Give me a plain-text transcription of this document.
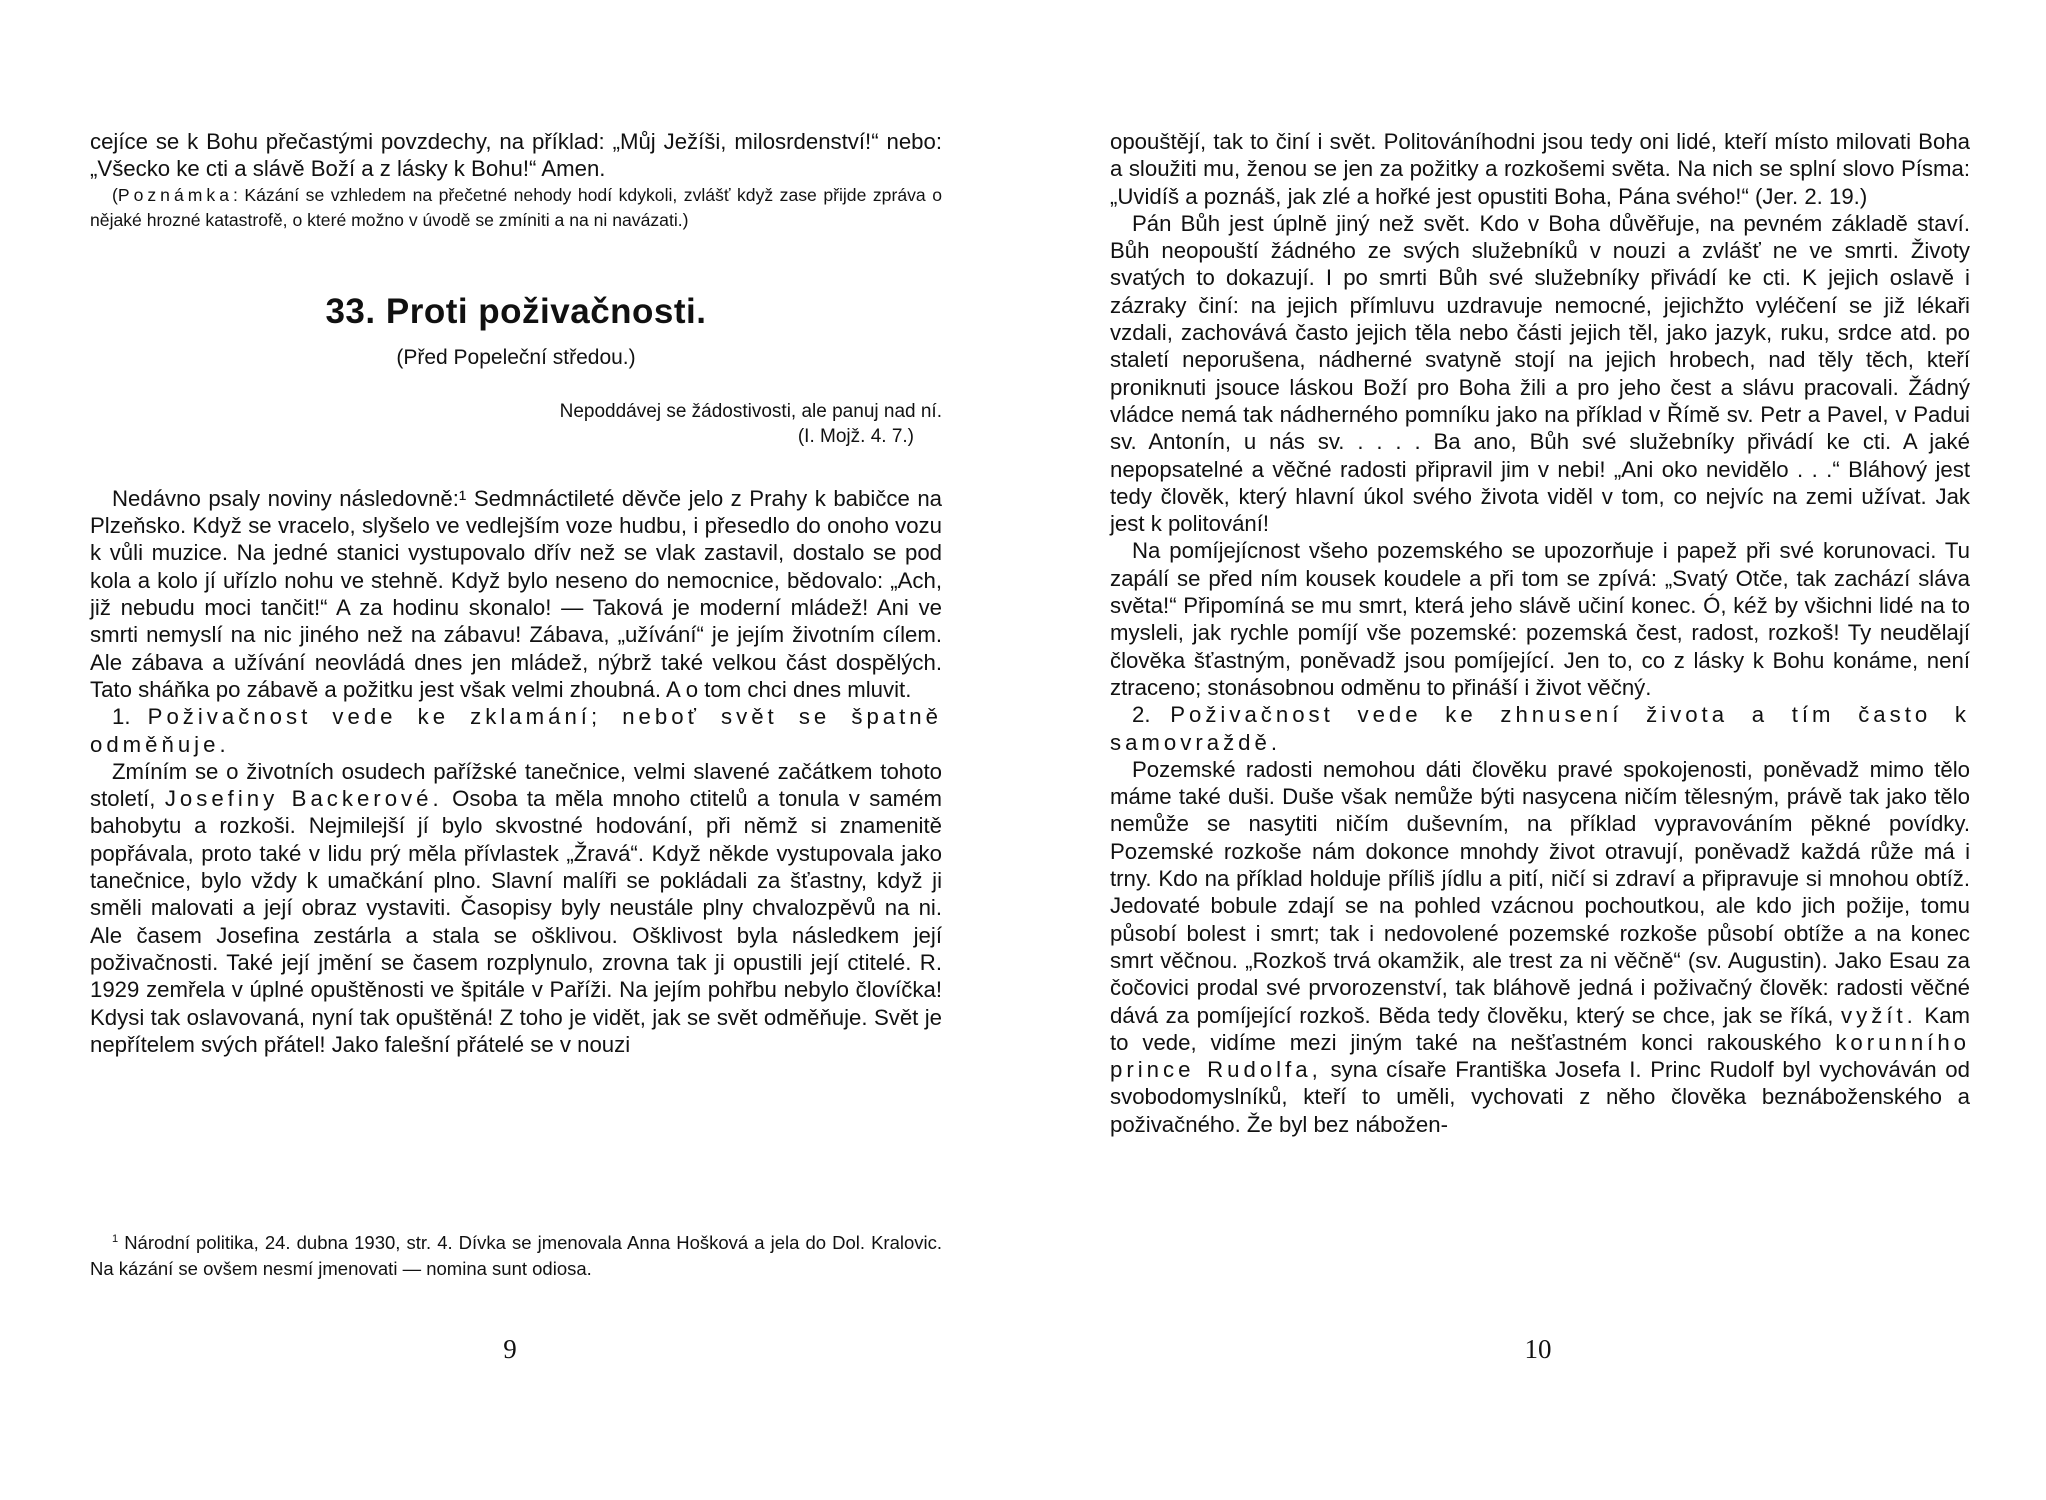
cejíce se k Bohu přečastými povzdechy, na příklad: „Můj Ježíši, milosrdenství!“ nebo: „Všecko ke cti a slávě Boží a z lásky k Bohu!“ Amen.

(Poznámka: Kázání se vzhledem na přečetné nehody hodí kdykoli, zvlášť když zase přijde zpráva o nějaké hrozné katastrofě, o které možno v úvodě se zmíniti a na ni navázati.)

33. Proti poživačnosti.
(Před Popeleční středou.)
Nepoddávej se žádostivosti, ale panuj nad ní.
(I. Mojž. 4. 7.)

Nedávno psaly noviny následovně:¹ Sedmnáctileté děvče jelo z Prahy k babičce na Plzeňsko. Když se vracelo, slyšelo ve vedlejším voze hudbu, i přesedlo do onoho vozu k vůli muzice. Na jedné stanici vystupovalo dřív než se vlak zastavil, dostalo se pod kola a kolo jí uřízlo nohu ve stehně. Když bylo neseno do nemocnice, bědovalo: „Ach, již nebudu moci tančit!“ A za hodinu skonalo! — Taková je moderní mládež! Ani ve smrti nemyslí na nic jiného než na zábavu! Zábava, „užívání“ je jejím životním cílem. Ale zábava a užívání neovládá dnes jen mládež, nýbrž také velkou část dospělých. Tato sháňka po zábavě a požitku jest však velmi zhoubná. A o tom chci dnes mluvit.

1. Poživačnost vede ke zklamání; neboť svět se špatně odměňuje.

Zmíním se o životních osudech pařížské tanečnice, velmi slavené začátkem tohoto století, Josefiny Backerové. Osoba ta měla mnoho ctitelů a tonula v samém bahobytu a rozkoši. Nejmilejší jí bylo skvostné hodování, při němž si znamenitě popřávala, proto také v lidu prý měla přívlastek „Žravá“. Když někde vystupovala jako tanečnice, bylo vždy k umačkání plno. Slavní malíři se pokládali za šťastny, když ji směli malovati a její obraz vystaviti. Časopisy byly neustále plny chvalozpěvů na ni. Ale časem Josefina zestárla a stala se ošklivou. Ošklivost byla následkem její poživačnosti. Také její jmění se časem rozplynulo, zrovna tak ji opustili její ctitelé. R. 1929 zemřela v úplné opuštěnosti ve špitále v Paříži. Na jejím pohřbu nebylo človíčka! Kdysi tak oslavovaná, nyní tak opuštěná! Z toho je vidět, jak se svět odměňuje. Svět je nepřítelem svých přátel! Jako falešní přátelé se v nouzi

$^1$ Národní politika, 24. dubna 1930, str. 4. Dívka se jmenovala Anna Hošková a jela do Dol. Kralovic. Na kázání se ovšem nesmí jmenovati — nomina sunt odiosa.
9

opouštějí, tak to činí i svět. Politováníhodni jsou tedy oni lidé, kteří místo milovati Boha a sloužiti mu, ženou se jen za požitky a rozkošemi světa. Na nich se splní slovo Písma: „Uvidíš a poznáš, jak zlé a hořké jest opustiti Boha, Pána svého!“ (Jer. 2. 19.)

Pán Bůh jest úplně jiný než svět. Kdo v Boha důvěřuje, na pevném základě staví. Bůh neopouští žádného ze svých služebníků v nouzi a zvlášť ne ve smrti. Životy svatých to dokazují. I po smrti Bůh své služebníky přivádí ke cti. K jejich oslavě i zázraky činí: na jejich přímluvu uzdravuje nemocné, jejichžto vyléčení se již lékaři vzdali, zachovává často jejich těla nebo části jejich těl, jako jazyk, ruku, srdce atd. po staletí neporušena, nádherné svatyně stojí na jejich hrobech, nad těly těch, kteří proniknuti jsouce láskou Boží pro Boha žili a pro jeho čest a slávu pracovali. Žádný vládce nemá tak nádherného pomníku jako na příklad v Římě sv. Petr a Pavel, v Padui sv. Antonín, u nás sv. . . . . Ba ano, Bůh své služebníky přivádí ke cti. A jaké nepopsatelné a věčné radosti připravil jim v nebi! „Ani oko nevidělo . . .“ Bláhový jest tedy člověk, který hlavní úkol svého života viděl v tom, co nejvíc na zemi užívat. Jak jest k politování!

Na pomíjejícnost všeho pozemského se upozorňuje i papež při své korunovaci. Tu zapálí se před ním kousek koudele a při tom se zpívá: „Svatý Otče, tak zachází sláva světa!“ Připomíná se mu smrt, která jeho slávě učiní konec. Ó, kéž by všichni lidé na to mysleli, jak rychle pomíjí vše pozemské: pozemská čest, radost, rozkoš! Ty neudělají člověka šťastným, poněvadž jsou pomíjející. Jen to, co z lásky k Bohu konáme, není ztraceno; stonásobnou odměnu to přináší i život věčný.

2. Poživačnost vede ke zhnusení života a tím často k samovraždě.

Pozemské radosti nemohou dáti člověku pravé spokojenosti, poněvadž mimo tělo máme také duši. Duše však nemůže býti nasycena ničím tělesným, právě tak jako tělo nemůže se nasytiti ničím duševním, na příklad vypravováním pěkné povídky. Pozemské rozkoše nám dokonce mnohdy život otravují, poněvadž každá růže má i trny. Kdo na příklad holduje příliš jídlu a pití, ničí si zdraví a připravuje si mnohou obtíž. Jedovaté bobule zdají se na pohled vzácnou pochoutkou, ale kdo jich požije, tomu působí bolest i smrt; tak i nedovolené pozemské rozkoše působí obtíže a na konec smrt věčnou. „Rozkoš trvá okamžik, ale trest za ni věčně“ (sv. Augustin). Jako Esau za čočovici prodal své prvorozenství, tak bláhově jedná i poživačný člověk: radosti věčné dává za pomíjející rozkoš. Běda tedy člověku, který se chce, jak se říká, vyžít. Kam to vede, vidíme mezi jiným také na nešťastném konci rakouského korunního prince Rudolfa, syna císaře Františka Josefa I. Princ Rudolf byl vychováván od svobodomyslníků, kteří to uměli, vychovati z něho člověka beznáboženského a poživačného. Že byl bez nábožen-

10
